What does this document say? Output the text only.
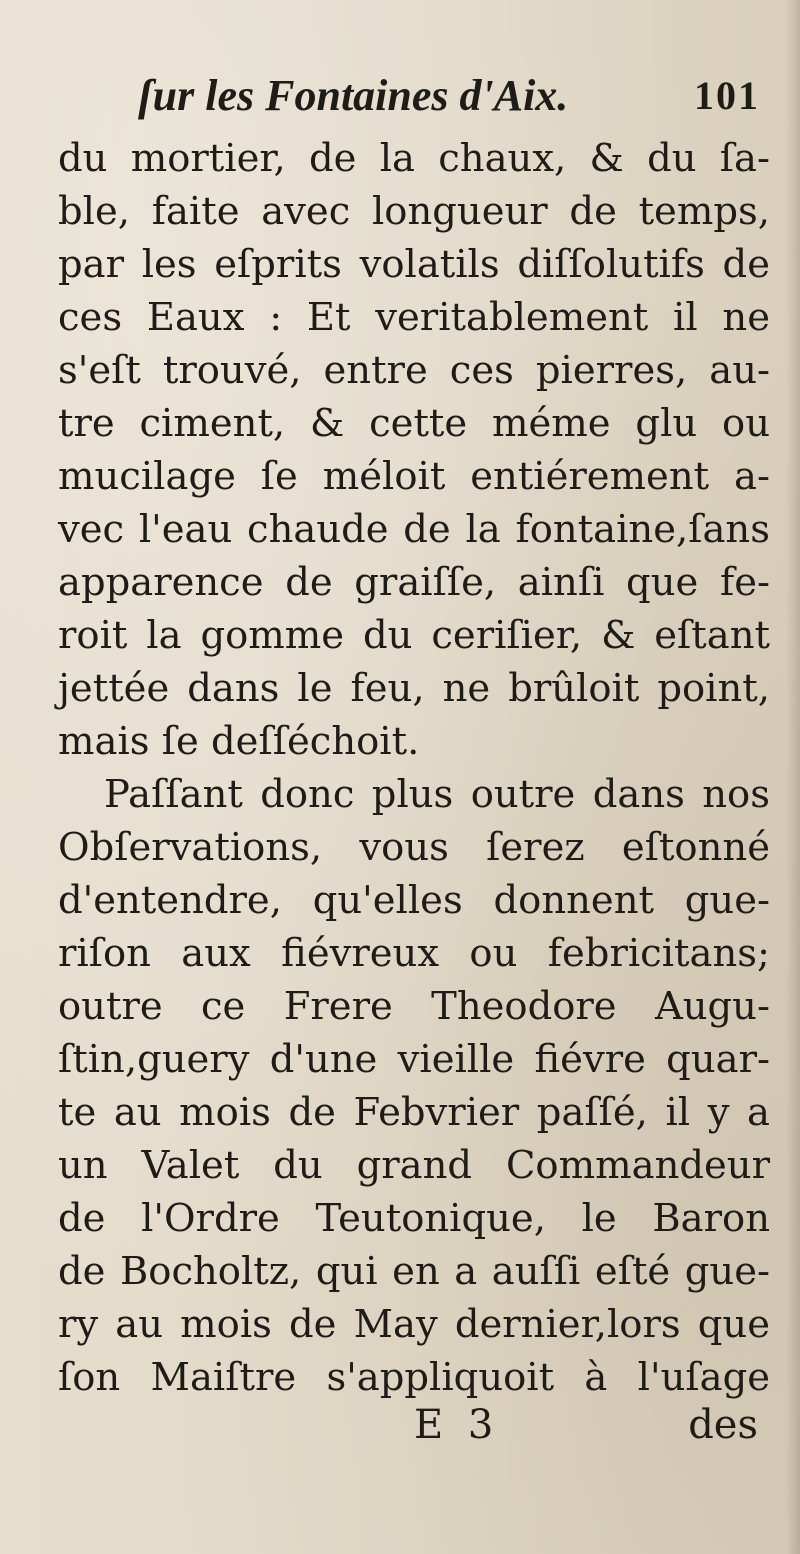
ſur les Fontaines d'Aix.	101
du mortier, de la chaux, & du ſa-
ble, faite avec longueur de temps,
par les eſprits volatils diſſolutifs de
ces Eaux : Et veritablement il ne
s'eſt trouvé, entre ces pierres, au-
tre ciment, & cette méme glu ou
mucilage ſe méloit entiérement a-
vec l'eau chaude de la fontaine,ſans
apparence de graiſſe, ainſi que fe-
roit la gomme du ceriſier, & eſtant
jettée dans le feu, ne brûloit point,
mais ſe deſſéchoit.
Paſſant donc plus outre dans nos
Obſervations, vous ſerez eſtonné
d'entendre, qu'elles donnent gue-
riſon aux fiévreux ou febricitans;
outre ce Frere Theodore Augu-
ſtin,guery d'une vieille fiévre quar-
te au mois de Febvrier paſſé, il y a
un Valet du grand Commandeur
de l'Ordre Teutonique, le Baron
de Bocholtz, qui en a auſſi eſté gue-
ry au mois de May dernier,lors que
ſon Maiſtre s'appliquoit à l'uſage
E 3	des
